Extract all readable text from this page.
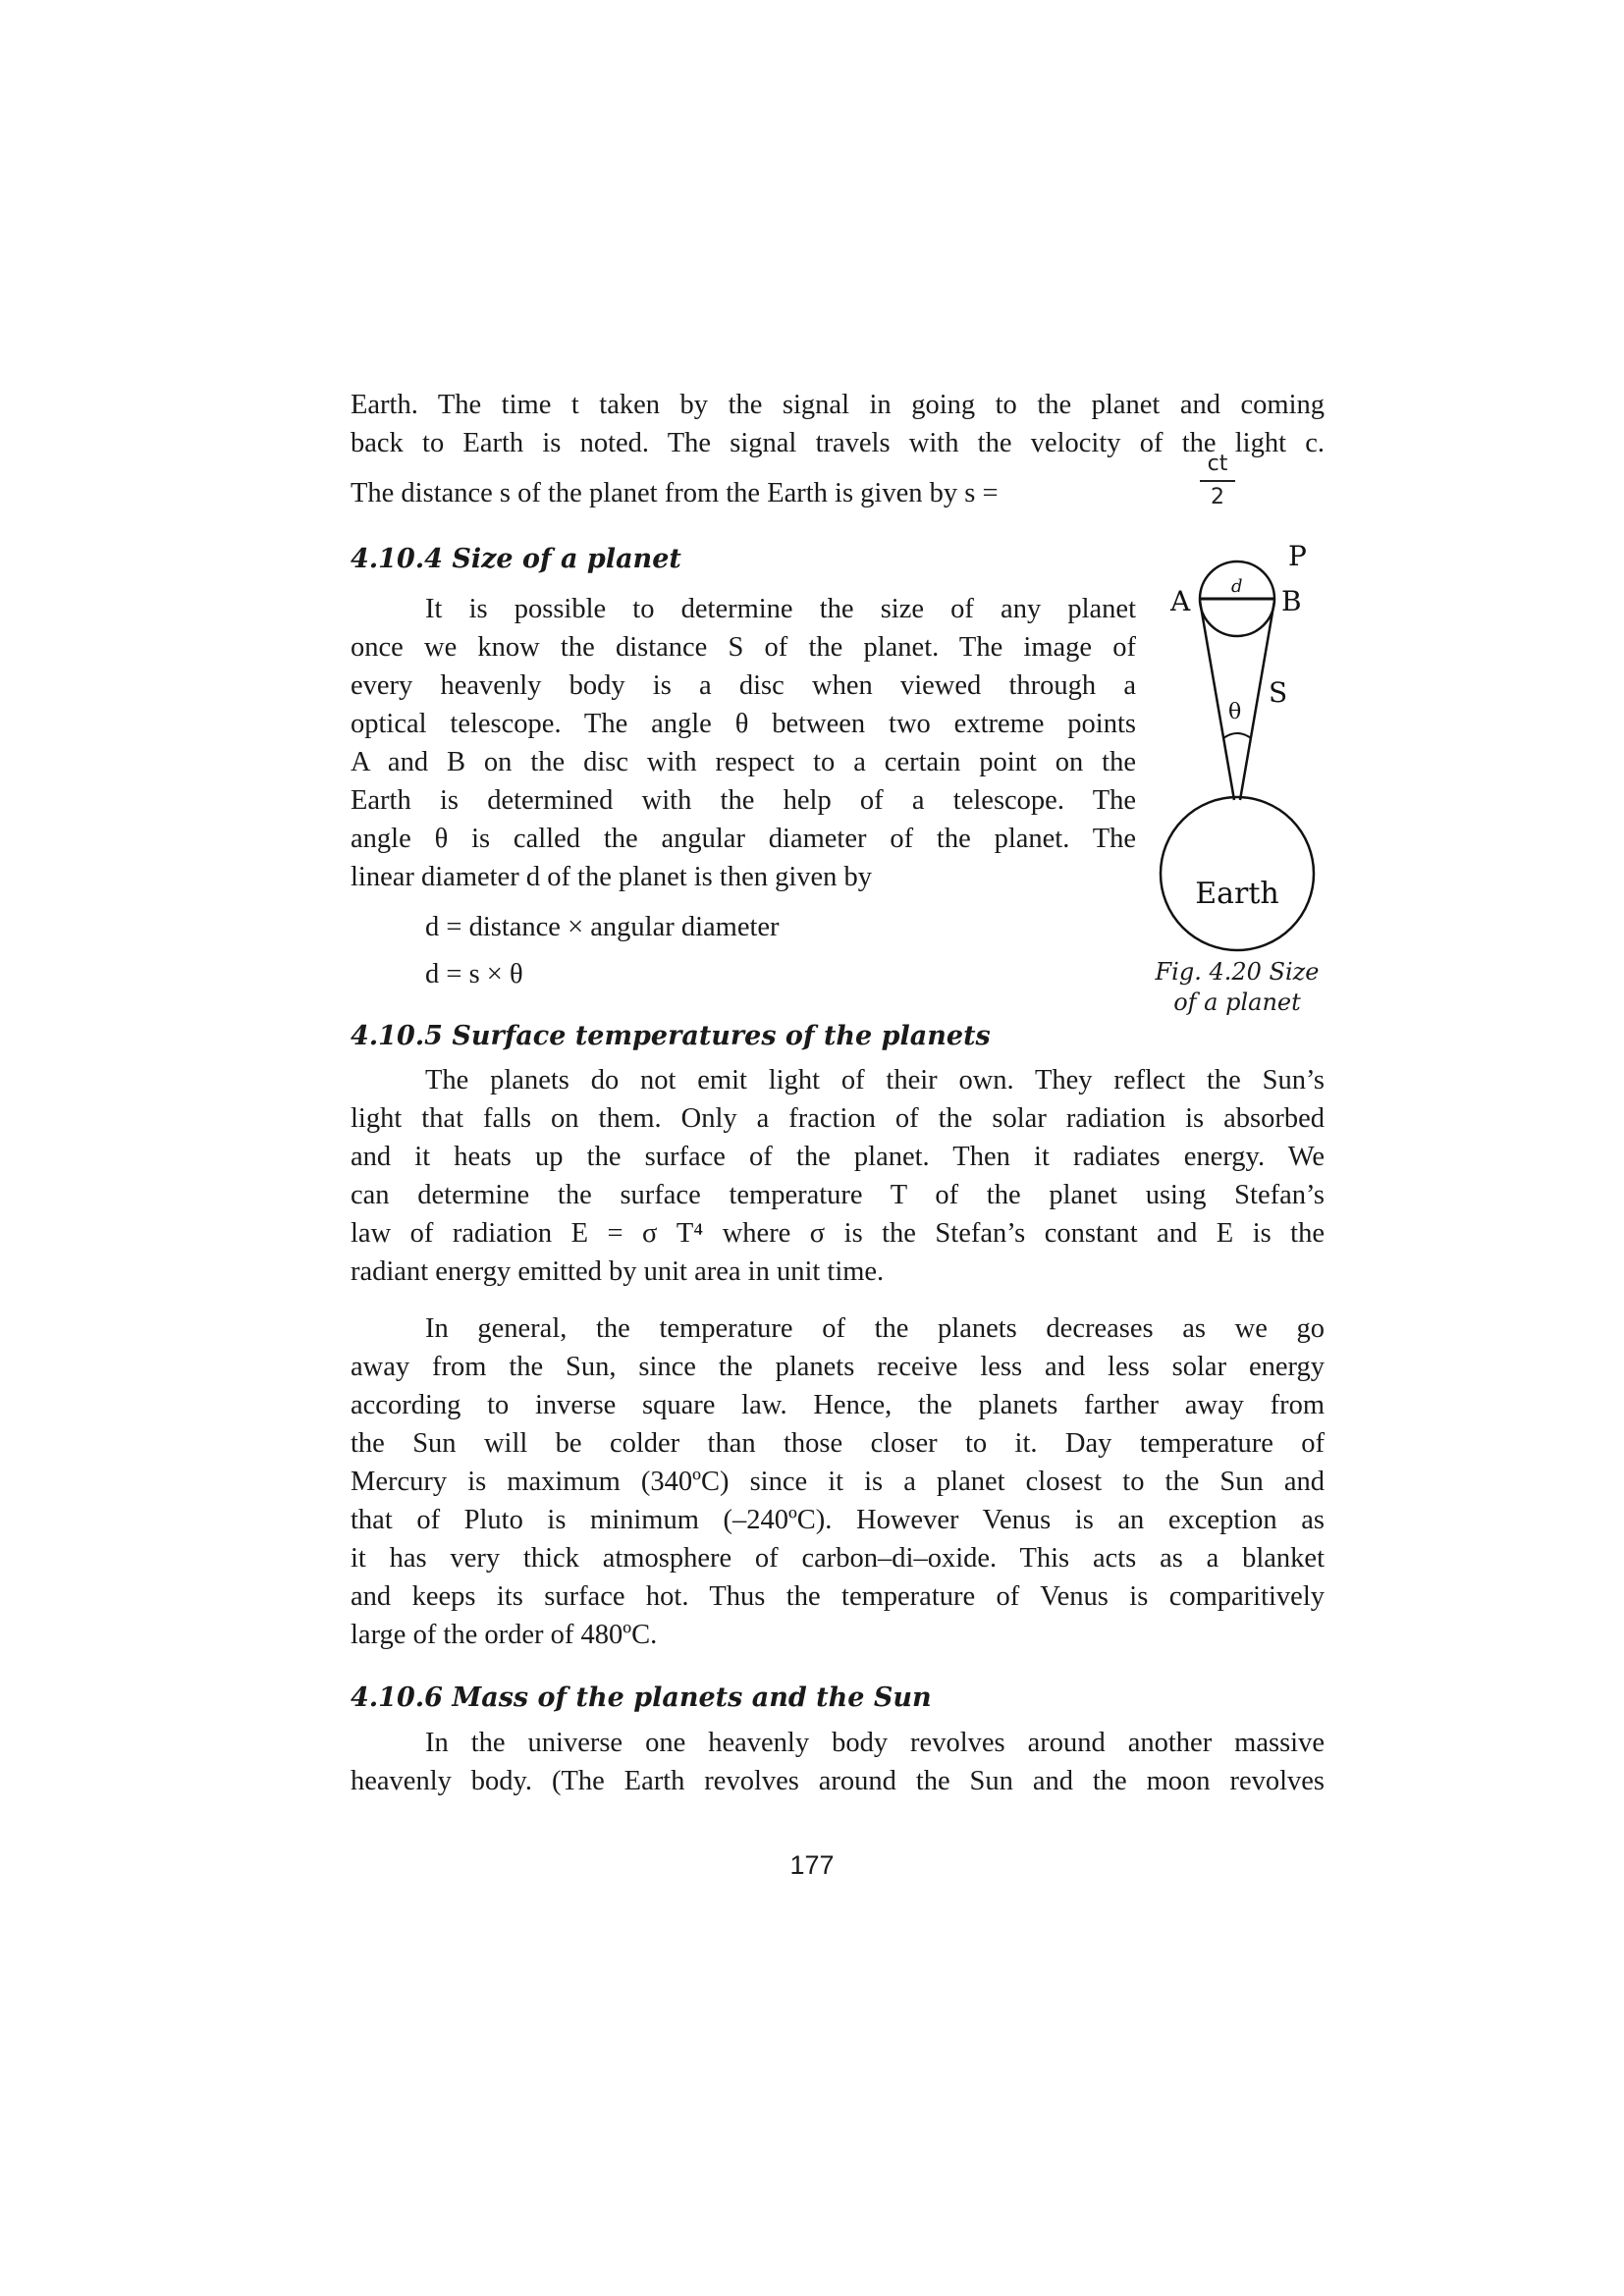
Earth. The time t taken by the signal in going to the planet and coming
back to Earth is noted. The signal travels with the velocity of the light c.
The distance s of the planet from the Earth is given by s =
ct
2
4.10.4 Size of a planet
It is possible to determine the size of any planet
once we know the distance S of the planet. The image of
every heavenly body is a disc when viewed through a
optical telescope. The angle θ between two extreme points
A and B on the disc with respect to a certain point on the
Earth is determined with the help of a telescope. The
angle θ is called the angular diameter of the planet. The
linear diameter d of the planet is then given by
d = distance × angular diameter
d = s × θ
P
A	B
d
S
θ
Earth
Fig. 4.20 Size
of a planet
4.10.5 Surface temperatures of the planets
The planets do not emit light of their own. They reflect the Sun’s
light that falls on them. Only a fraction of the solar radiation is absorbed
and it heats up the surface of the planet. Then it radiates energy. We
can determine the surface temperature T of the planet using Stefan’s
law of radiation E = σ T⁴ where σ is the Stefan’s constant and E is the
radiant energy emitted by unit area in unit time.
In general, the temperature of the planets decreases as we go
away from the Sun, since the planets receive less and less solar energy
according to inverse square law. Hence, the planets farther away from
the Sun will be colder than those closer to it. Day temperature of
Mercury is maximum (340ºC) since it is a planet closest to the Sun and
that of Pluto is minimum (–240ºC). However Venus is an exception as
it has very thick atmosphere of carbon–di–oxide. This acts as a blanket
and keeps its surface hot. Thus the temperature of Venus is comparitively
large of the order of 480ºC.
4.10.6 Mass of the planets and the Sun
In the universe one heavenly body revolves around another massive
heavenly body. (The Earth revolves around the Sun and the moon revolves
177
